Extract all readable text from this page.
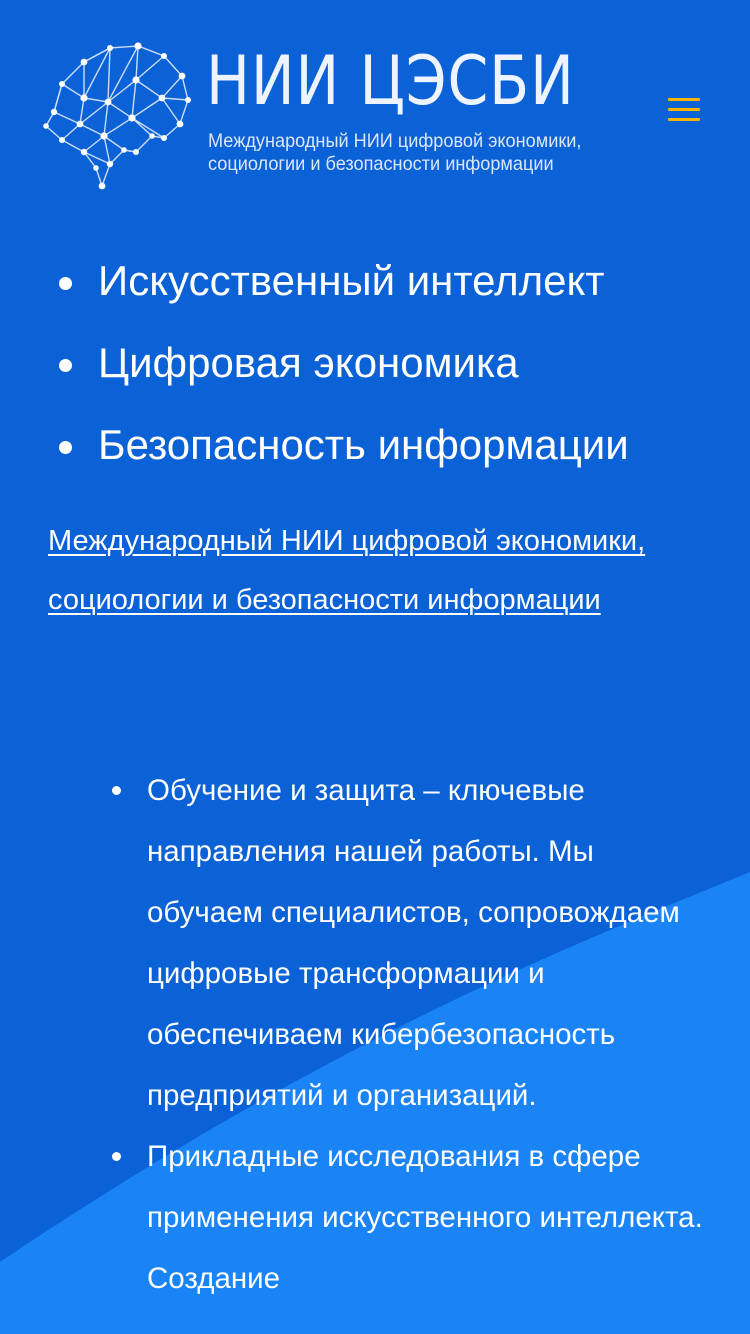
НИИ ЦЭСБИ
Международный НИИ цифровой экономики, социологии и безопасности информации
Искусственный интеллект
Цифровая экономика
Безопасность информации
Международный НИИ цифровой экономики, социологии и безопасности информации
Обучение и защита – ключевые направления нашей работы. Мы обучаем специалистов, сопровождаем цифровые трансформации и обеспечиваем кибербезопасность предприятий и организаций.
Прикладные исследования в сфере применения искусственного интеллекта. Создание
